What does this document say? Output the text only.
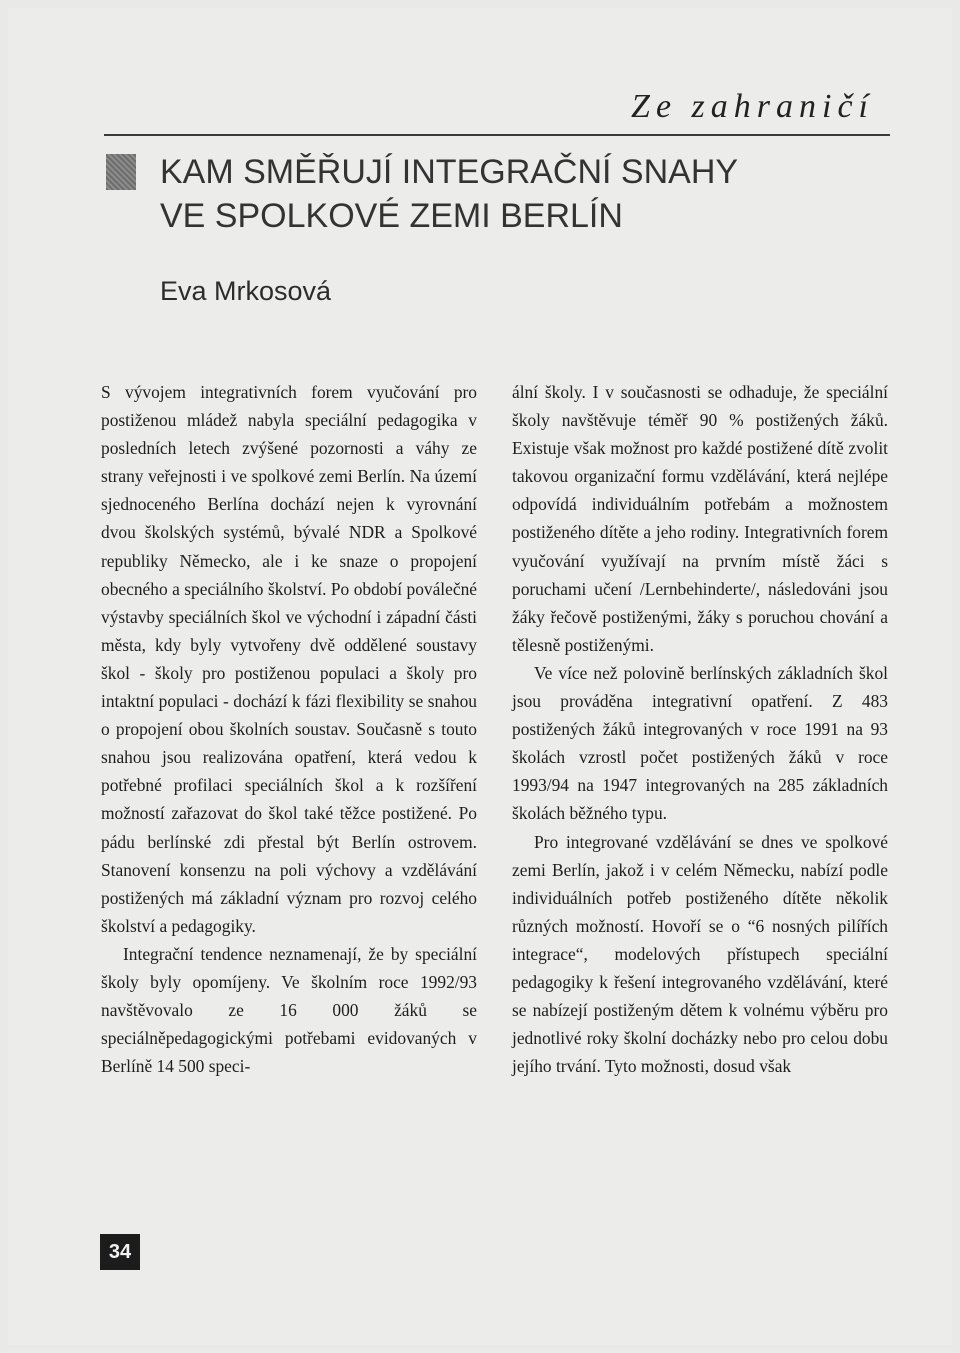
Ze zahraničí
KAM SMĚŘUJÍ INTEGRAČNÍ SNAHY
VE SPOLKOVÉ ZEMI BERLÍN
Eva Mrkosová

S vývojem integrativních forem vyučování pro postiženou mládež nabyla speciální pedagogika v posledních letech zvýšené pozornosti a váhy ze strany veřejnosti i ve spolkové zemi Berlín. Na území sjednoceného Berlína dochází nejen k vyrovnání dvou školských systémů, bývalé NDR a Spolkové republiky Německo, ale i ke snaze o propojení obecného a speciálního školství. Po období poválečné výstavby speciálních škol ve východní i západní části města, kdy byly vytvořeny dvě oddělené soustavy škol - školy pro postiženou populaci a školy pro intaktní populaci - dochází k fázi flexibility se snahou o propojení obou školních soustav. Současně s touto snahou jsou realizována opatření, která vedou k potřebné profilaci speciálních škol a k rozšíření možností zařazovat do škol také těžce postižené. Po pádu berlínské zdi přestal být Berlín ostrovem. Stanovení konsenzu na poli výchovy a vzdělávání postižených má základní význam pro rozvoj celého školství a pedagogiky.

Integrační tendence neznamenají, že by speciální školy byly opomíjeny. Ve školním roce 1992/93 navštěvovalo ze 16 000 žáků se speciálněpedagogickými potřebami evidovaných v Berlíně 14 500 speci-

ální školy. I v současnosti se odhaduje, že speciální školy navštěvuje téměř 90 % postižených žáků. Existuje však možnost pro každé postižené dítě zvolit takovou organizační formu vzdělávání, která nejlépe odpovídá individuálním potřebám a možnostem postiženého dítěte a jeho rodiny. Integrativních forem vyučování využívají na prvním místě žáci s poruchami učení /Lernbehinderte/, následováni jsou žáky řečově postiženými, žáky s poruchou chování a tělesně postiženými.

Ve více než polovině berlínských základních škol jsou prováděna integrativní opatření. Z 483 postižených žáků integrovaných v roce 1991 na 93 školách vzrostl počet postižených žáků v roce 1993/94 na 1947 integrovaných na 285 základních školách běžného typu.

Pro integrované vzdělávání se dnes ve spolkové zemi Berlín, jakož i v celém Německu, nabízí podle individuálních potřeb postiženého dítěte několik různých možností. Hovoří se o “6 nosných pilířích integrace“, modelových přístupech speciální pedagogiky k řešení integrovaného vzdělávání, které se nabízejí postiženým dětem k volnému výběru pro jednotlivé roky školní docházky nebo pro celou dobu jejího trvání. Tyto možnosti, dosud však

34
